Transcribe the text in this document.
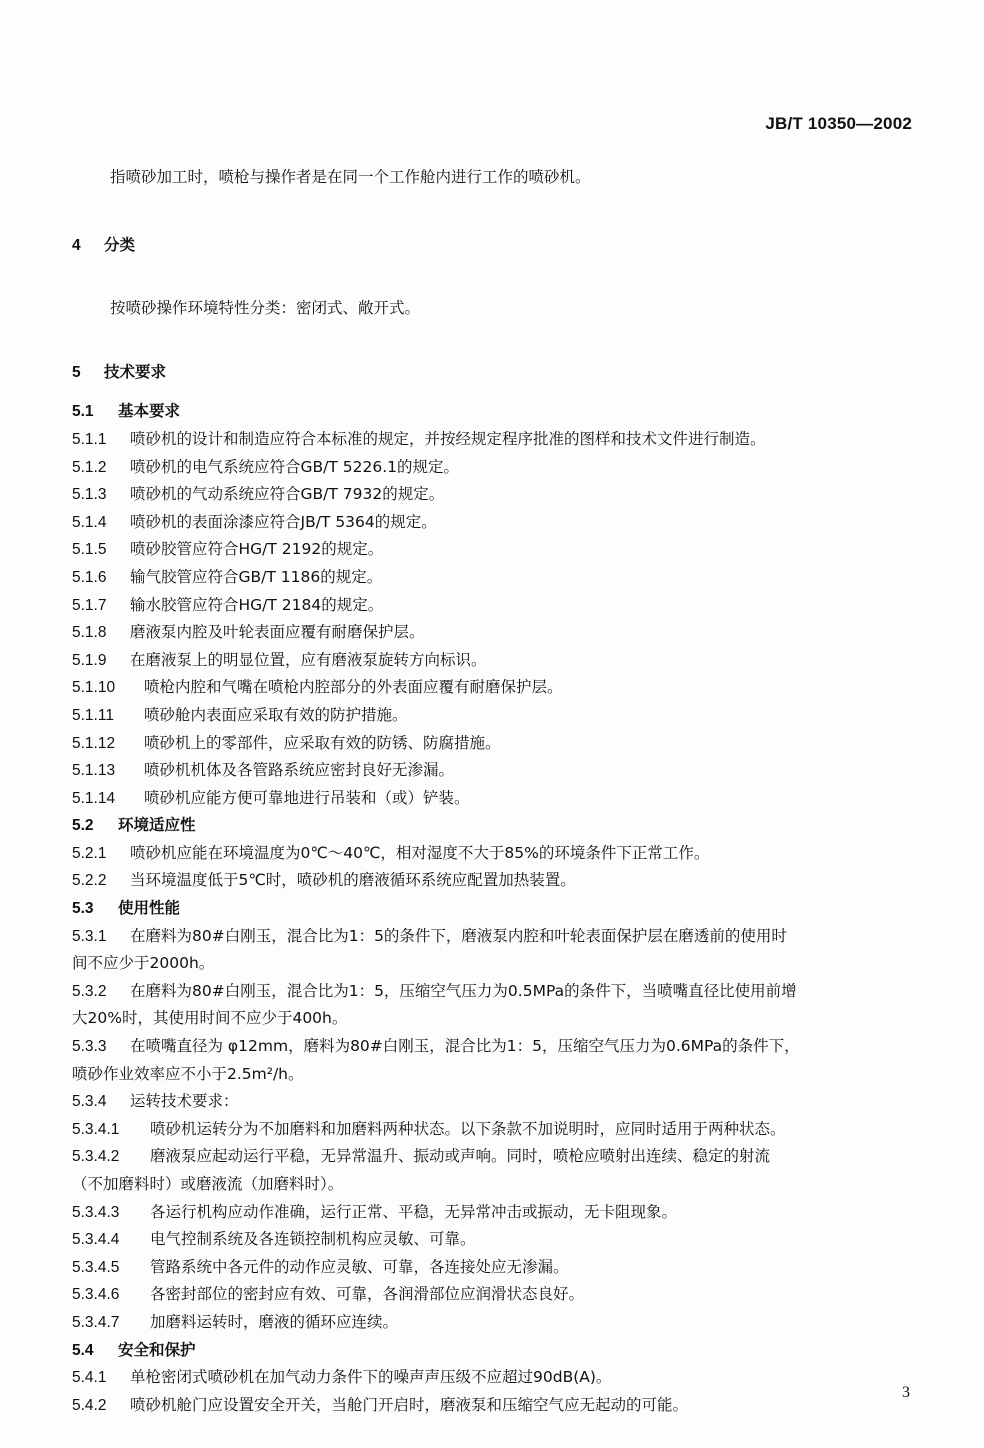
JB/T 10350—2002
指喷砂加工时，喷枪与操作者是在同一个工作舱内进行工作的喷砂机。
4 分类
按喷砂操作环境特性分类：密闭式、敞开式。
5 技术要求
5.1 基本要求
5.1.1 喷砂机的设计和制造应符合本标准的规定，并按经规定程序批准的图样和技术文件进行制造。
5.1.2 喷砂机的电气系统应符合GB/T 5226.1的规定。
5.1.3 喷砂机的气动系统应符合GB/T 7932的规定。
5.1.4 喷砂机的表面涂漆应符合JB/T 5364的规定。
5.1.5 喷砂胶管应符合HG/T 2192的规定。
5.1.6 输气胶管应符合GB/T 1186的规定。
5.1.7 输水胶管应符合HG/T 2184的规定。
5.1.8 磨液泵内腔及叶轮表面应覆有耐磨保护层。
5.1.9 在磨液泵上的明显位置，应有磨液泵旋转方向标识。
5.1.10 喷枪内腔和气嘴在喷枪内腔部分的外表面应覆有耐磨保护层。
5.1.11 喷砂舱内表面应采取有效的防护措施。
5.1.12 喷砂机上的零部件，应采取有效的防锈、防腐措施。
5.1.13 喷砂机机体及各管路系统应密封良好无渗漏。
5.1.14 喷砂机应能方便可靠地进行吊装和（或）铲装。
5.2 环境适应性
5.2.1 喷砂机应能在环境温度为0℃～40℃，相对湿度不大于85%的环境条件下正常工作。
5.2.2 当环境温度低于5℃时，喷砂机的磨液循环系统应配置加热装置。
5.3 使用性能
5.3.1 在磨料为80#白刚玉，混合比为1：5的条件下，磨液泵内腔和叶轮表面保护层在磨透前的使用时
间不应少于2000h。
5.3.2 在磨料为80#白刚玉，混合比为1：5，压缩空气压力为0.5MPa的条件下，当喷嘴直径比使用前增
大20%时，其使用时间不应少于400h。
5.3.3 在喷嘴直径为 φ12mm，磨料为80#白刚玉，混合比为1：5，压缩空气压力为0.6MPa的条件下，
喷砂作业效率应不小于2.5m²/h。
5.3.4 运转技术要求：
5.3.4.1 喷砂机运转分为不加磨料和加磨料两种状态。以下条款不加说明时，应同时适用于两种状态。
5.3.4.2 磨液泵应起动运行平稳，无异常温升、振动或声响。同时，喷枪应喷射出连续、稳定的射流
（不加磨料时）或磨液流（加磨料时）。
5.3.4.3 各运行机构应动作准确，运行正常、平稳，无异常冲击或振动，无卡阻现象。
5.3.4.4 电气控制系统及各连锁控制机构应灵敏、可靠。
5.3.4.5 管路系统中各元件的动作应灵敏、可靠，各连接处应无渗漏。
5.3.4.6 各密封部位的密封应有效、可靠，各润滑部位应润滑状态良好。
5.3.4.7 加磨料运转时，磨液的循环应连续。
5.4 安全和保护
5.4.1 单枪密闭式喷砂机在加气动力条件下的噪声声压级不应超过90dB(A)。
5.4.2 喷砂机舱门应设置安全开关，当舱门开启时，磨液泵和压缩空气应无起动的可能。
3
